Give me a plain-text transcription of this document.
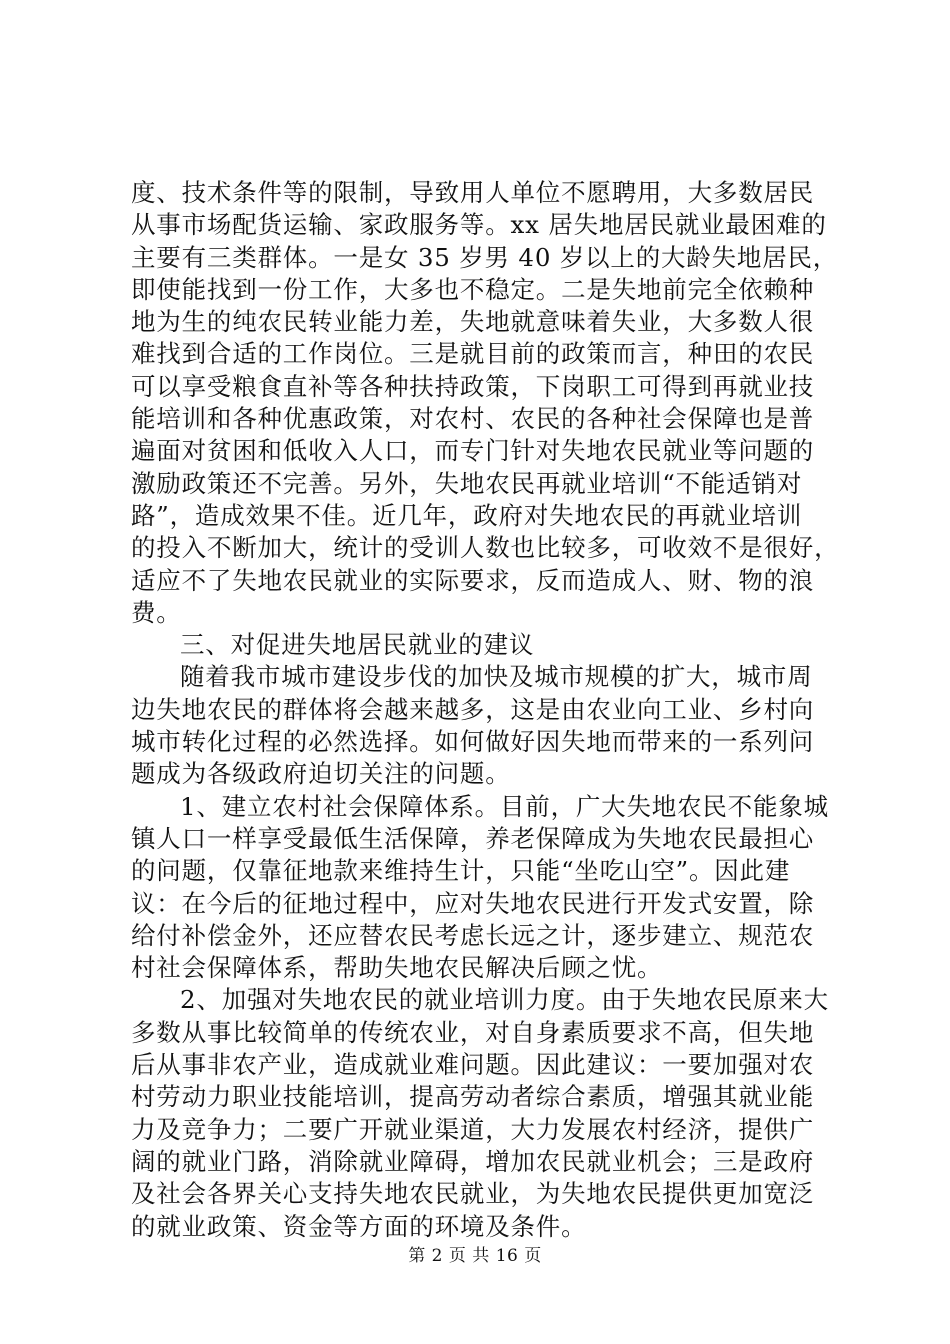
度、技术条件等的限制，导致用人单位不愿聘用，大多数居民
从事市场配货运输、家政服务等。xx 居失地居民就业最困难的
主要有三类群体。一是女 35 岁男 40 岁以上的大龄失地居民，
即使能找到一份工作，大多也不稳定。二是失地前完全依赖种
地为生的纯农民转业能力差，失地就意味着失业，大多数人很
难找到合适的工作岗位。三是就目前的政策而言，种田的农民
可以享受粮食直补等各种扶持政策，下岗职工可得到再就业技
能培训和各种优惠政策，对农村、农民的各种社会保障也是普
遍面对贫困和低收入人口，而专门针对失地农民就业等问题的
激励政策还不完善。另外，失地农民再就业培训“不能适销对
路”，造成效果不佳。近几年，政府对失地农民的再就业培训
的投入不断加大，统计的受训人数也比较多，可收效不是很好，
适应不了失地农民就业的实际要求，反而造成人、财、物的浪
费。
三、对促进失地居民就业的建议
随着我市城市建设步伐的加快及城市规模的扩大，城市周
边失地农民的群体将会越来越多，这是由农业向工业、乡村向
城市转化过程的必然选择。如何做好因失地而带来的一系列问
题成为各级政府迫切关注的问题。
1、建立农村社会保障体系。目前，广大失地农民不能象城
镇人口一样享受最低生活保障，养老保障成为失地农民最担心
的问题，仅靠征地款来维持生计，只能“坐吃山空”。因此建
议：在今后的征地过程中，应对失地农民进行开发式安置，除
给付补偿金外，还应替农民考虑长远之计，逐步建立、规范农
村社会保障体系，帮助失地农民解决后顾之忧。
2、加强对失地农民的就业培训力度。由于失地农民原来大
多数从事比较简单的传统农业，对自身素质要求不高，但失地
后从事非农产业，造成就业难问题。因此建议：一要加强对农
村劳动力职业技能培训，提高劳动者综合素质，增强其就业能
力及竞争力；二要广开就业渠道，大力发展农村经济，提供广
阔的就业门路，消除就业障碍，增加农民就业机会；三是政府
及社会各界关心支持失地农民就业，为失地农民提供更加宽泛
的就业政策、资金等方面的环境及条件。
第 2 页 共 16 页
